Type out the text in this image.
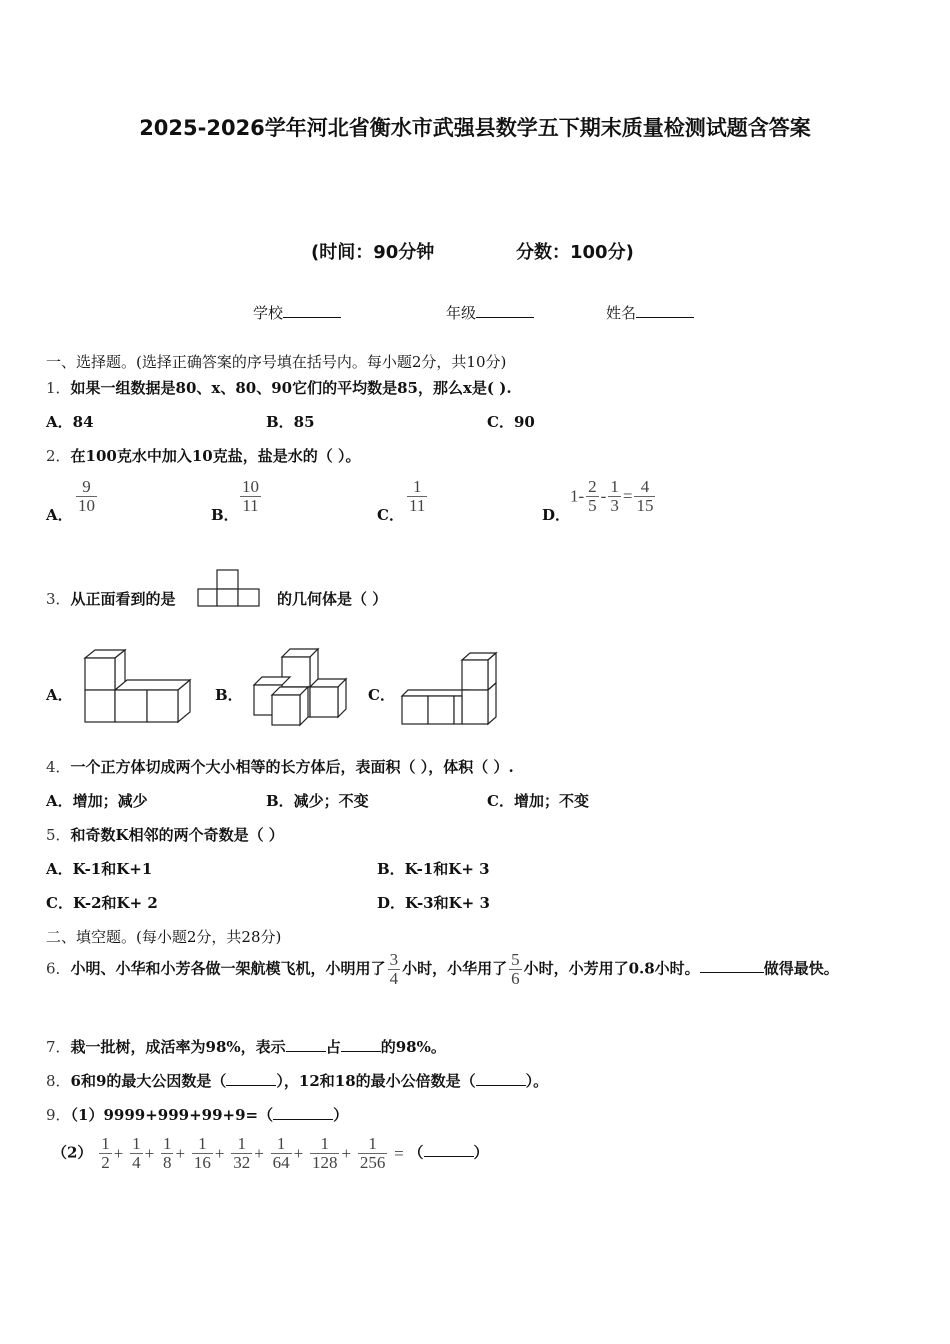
2025-2026学年河北省衡水市武强县数学五下期末质量检测试题含答案
(时间：90分钟	分数：100分)
学校	年级	姓名
一、选择题。(选择正确答案的序号填在括号内。每小题2分，共10分)
1．如果一组数据是80、x、80、90它们的平均数是85，那么x是( ).
A．84	B．85	C．90
2．在100克水中加入10克盐，盐是水的（ ）。
A．
$\frac{9}{10}$
B．
$\frac{10}{11}$
C．
$\frac{1}{11}$
D．
$1- \frac{2}{5} - \frac{1}{3} = \frac{4}{15}$
3．从正面看到的是	的几何体是（ ）
A．	B．	C．
4．一个正方体切成两个大小相等的长方体后，表面积（ ），体积（ ）.
A．增加；减少	B．减少；不变	C．增加；不变
5．和奇数K相邻的两个奇数是（ ）
A．K-1和K+1	B．K-1和K+ 3
C．K-2和K+ 2	D．K-3和K+ 3
二、填空题。(每小题2分，共28分)
6．小明、小华和小芳各做一架航模飞机，小明用了 $\frac{3}{4}$ 小时，小华用了 $\frac{5}{6}$ 小时，小芳用了0.8小时。	做得最快。
7．栽一批树，成活率为98%，表示	占	的98%。
8．6和9的最大公因数是（	），12和18的最小公倍数是（	）。
9．（1）9999+999+99+9=（	）
$(2) \frac{1}{2} + \frac{1}{4} + \frac{1}{8} + \frac{1}{16} + \frac{1}{32} + \frac{1}{64} + \frac{1}{128} + \frac{1}{256}$ = （	）
